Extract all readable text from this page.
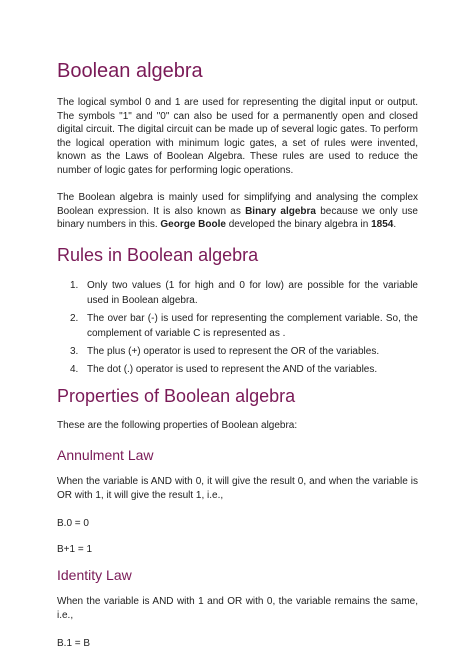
Boolean algebra

The logical symbol 0 and 1 are used for representing the digital input or output. The symbols "1" and "0" can also be used for a permanently open and closed digital circuit. The digital circuit can be made up of several logic gates. To perform the logical operation with minimum logic gates, a set of rules were invented, known as the Laws of Boolean Algebra. These rules are used to reduce the number of logic gates for performing logic operations.

The Boolean algebra is mainly used for simplifying and analysing the complex Boolean expression. It is also known as Binary algebra because we only use binary numbers in this. George Boole developed the binary algebra in 1854.

Rules in Boolean algebra
1. Only two values (1 for high and 0 for low) are possible for the variable used in Boolean algebra.
2. The over bar (-) is used for representing the complement variable. So, the complement of variable C is represented as .
3. The plus (+) operator is used to represent the OR of the variables.
4. The dot (.) operator is used to represent the AND of the variables.
Properties of Boolean algebra

These are the following properties of Boolean algebra:

Annulment Law

When the variable is AND with 0, it will give the result 0, and when the variable is OR with 1, it will give the result 1, i.e.,

B.0 = 0

B+1 = 1

Identity Law

When the variable is AND with 1 and OR with 0, the variable remains the same, i.e.,

B.1 = B
